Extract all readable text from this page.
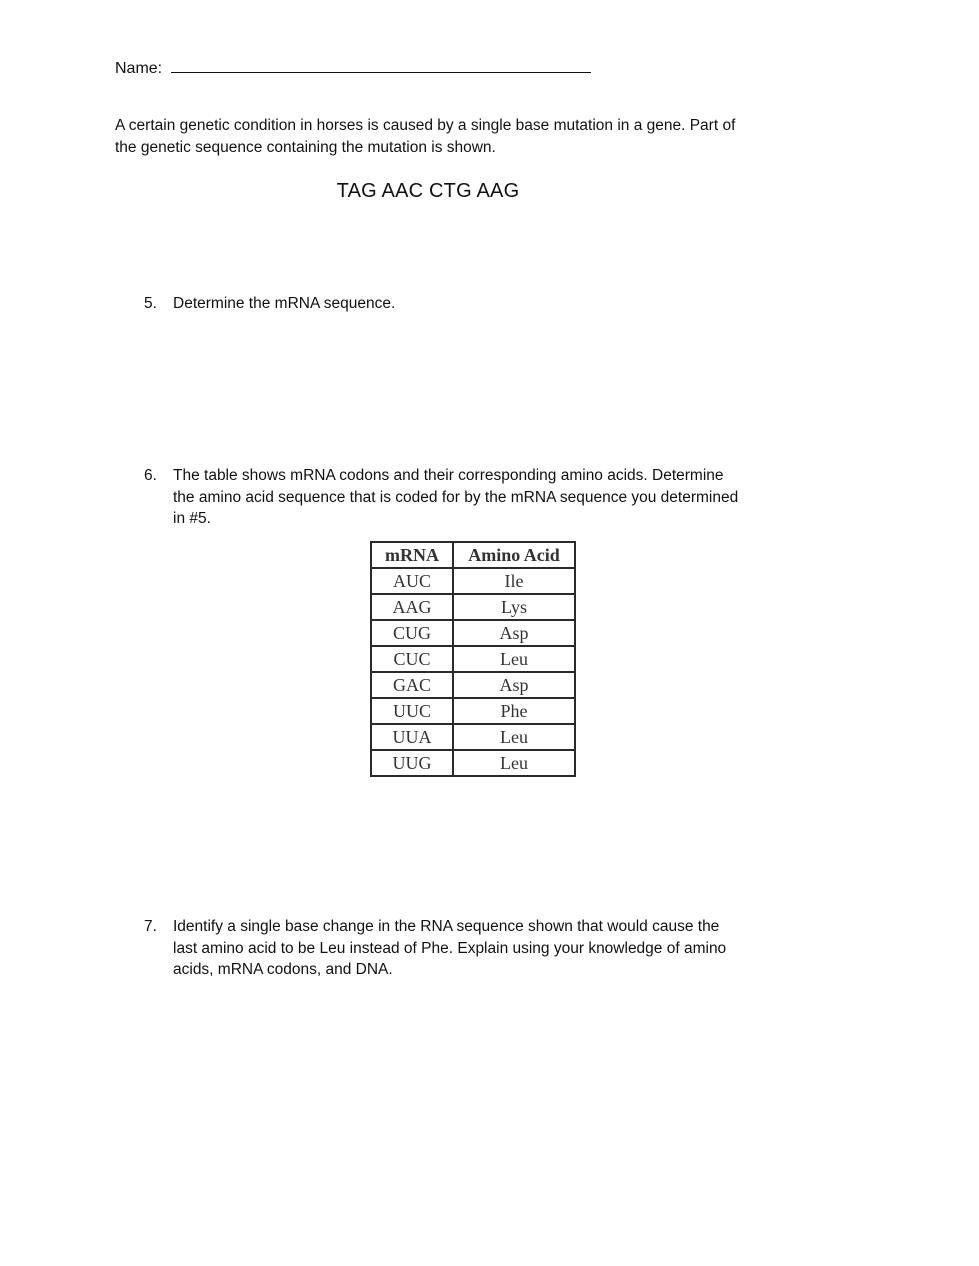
Name:
A certain genetic condition in horses is caused by a single base mutation in a gene. Part of the genetic sequence containing the mutation is shown.
TAG AAC CTG AAG
5. Determine the mRNA sequence.
6. The table shows mRNA codons and their corresponding amino acids. Determine the amino acid sequence that is coded for by the mRNA sequence you determined in #5.
mRNA	Amino Acid
AUC	Ile
AAG	Lys
CUG	Asp
CUC	Leu
GAC	Asp
UUC	Phe
UUA	Leu
UUG	Leu
7. Identify a single base change in the RNA sequence shown that would cause the last amino acid to be Leu instead of Phe. Explain using your knowledge of amino acids, mRNA codons, and DNA.
